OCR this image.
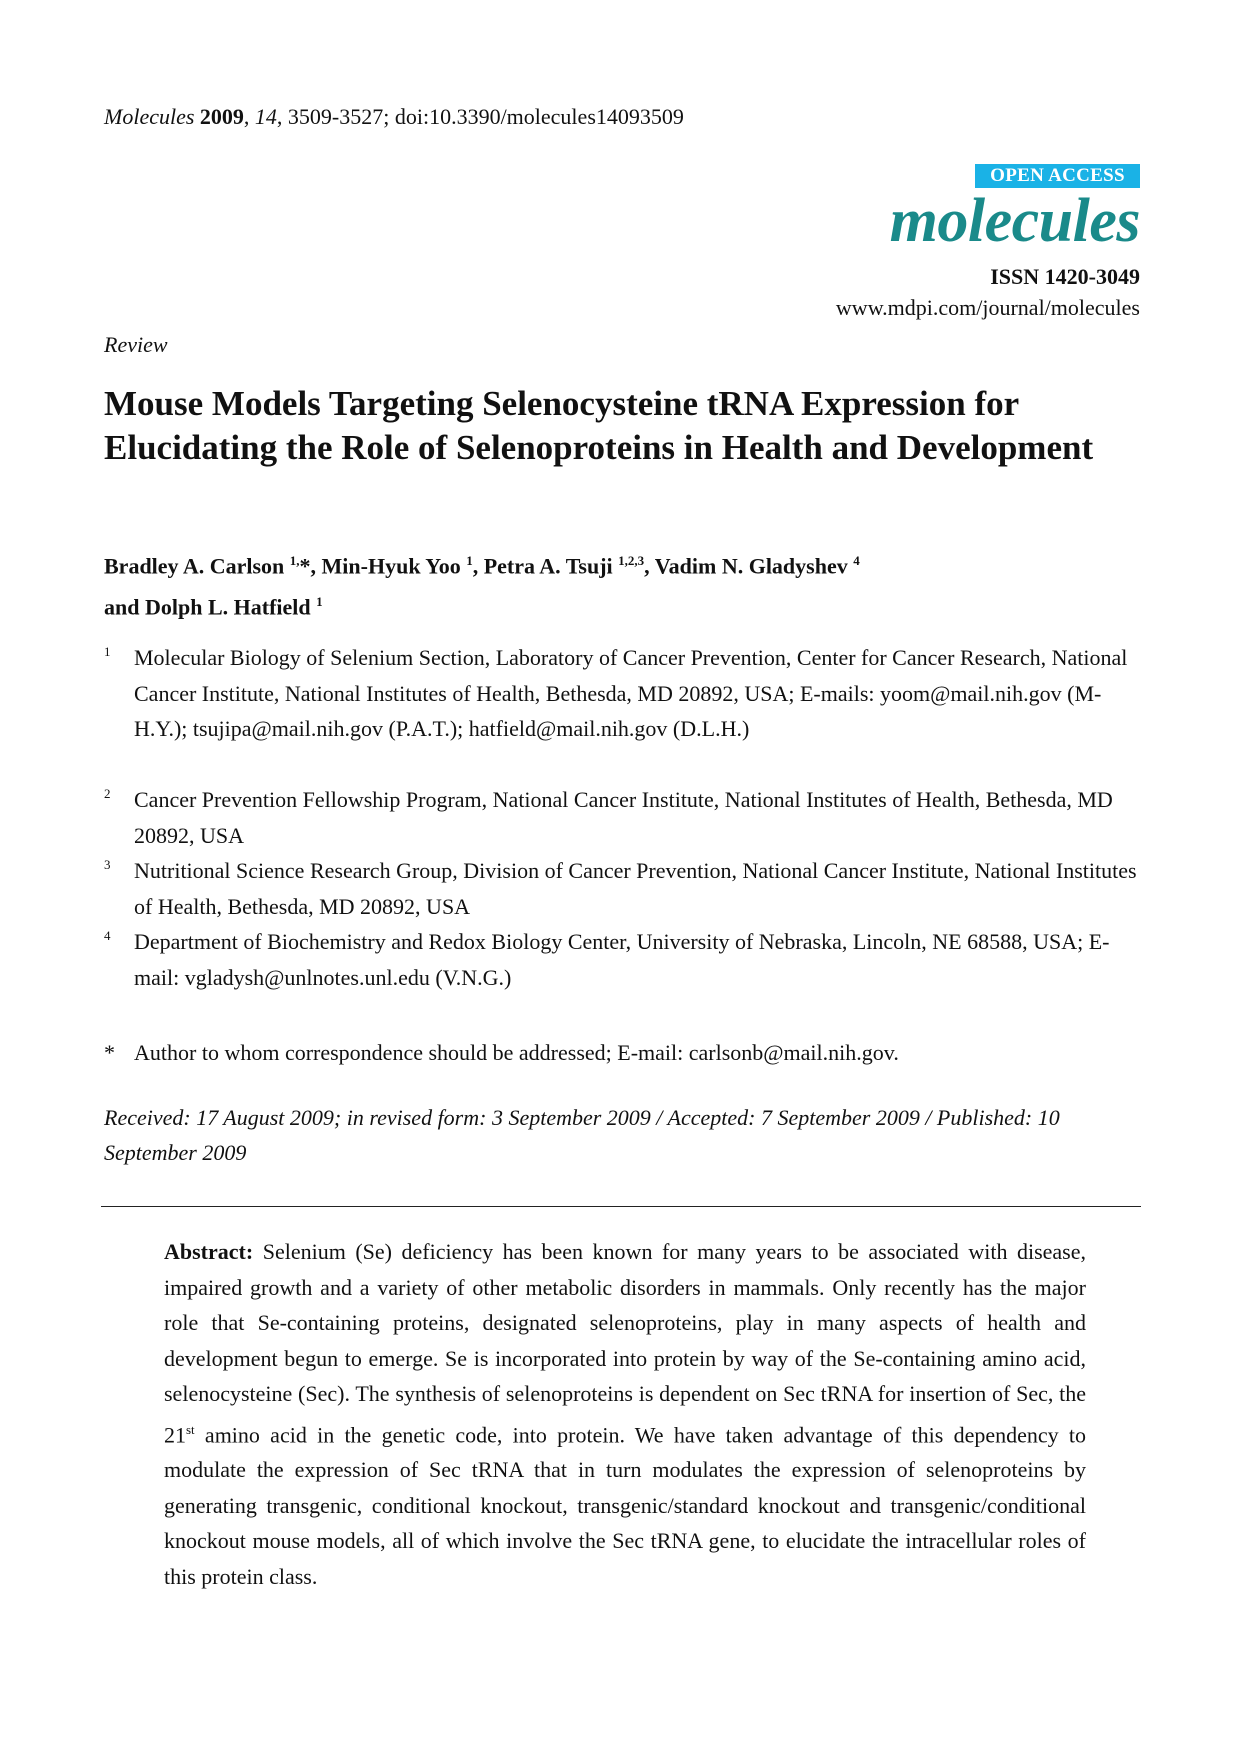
Molecules 2009, 14, 3509-3527; doi:10.3390/molecules14093509
OPEN ACCESS
molecules
ISSN 1420-3049
www.mdpi.com/journal/molecules
Review
Mouse Models Targeting Selenocysteine tRNA Expression for Elucidating the Role of Selenoproteins in Health and Development
Bradley A. Carlson $^{1,}$*, Min-Hyuk Yoo $^1$, Petra A. Tsuji $^{1,2,3}$, Vadim N. Gladyshev $^4$
and Dolph L. Hatfield $^1$
1 Molecular Biology of Selenium Section, Laboratory of Cancer Prevention, Center for Cancer Research, National Cancer Institute, National Institutes of Health, Bethesda, MD 20892, USA; E-mails: yoom@mail.nih.gov (M-H.Y.); tsujipa@mail.nih.gov (P.A.T.); hatfield@mail.nih.gov (D.L.H.)
2 Cancer Prevention Fellowship Program, National Cancer Institute, National Institutes of Health, Bethesda, MD 20892, USA
3 Nutritional Science Research Group, Division of Cancer Prevention, National Cancer Institute, National Institutes of Health, Bethesda, MD 20892, USA
4 Department of Biochemistry and Redox Biology Center, University of Nebraska, Lincoln, NE 68588, USA; E-mail: vgladysh@unlnotes.unl.edu (V.N.G.)
* Author to whom correspondence should be addressed; E-mail: carlsonb@mail.nih.gov.
Received: 17 August 2009; in revised form: 3 September 2009 / Accepted: 7 September 2009 / Published: 10 September 2009

Abstract: Selenium (Se) deficiency has been known for many years to be associated with disease, impaired growth and a variety of other metabolic disorders in mammals. Only recently has the major role that Se-containing proteins, designated selenoproteins, play in many aspects of health and development begun to emerge. Se is incorporated into protein by way of the Se-containing amino acid, selenocysteine (Sec). The synthesis of selenoproteins is dependent on Sec tRNA for insertion of Sec, the 21st amino acid in the genetic code, into protein. We have taken advantage of this dependency to modulate the expression of Sec tRNA that in turn modulates the expression of selenoproteins by generating transgenic, conditional knockout, transgenic/standard knockout and transgenic/conditional knockout mouse models, all of which involve the Sec tRNA gene, to elucidate the intracellular roles of this protein class.
